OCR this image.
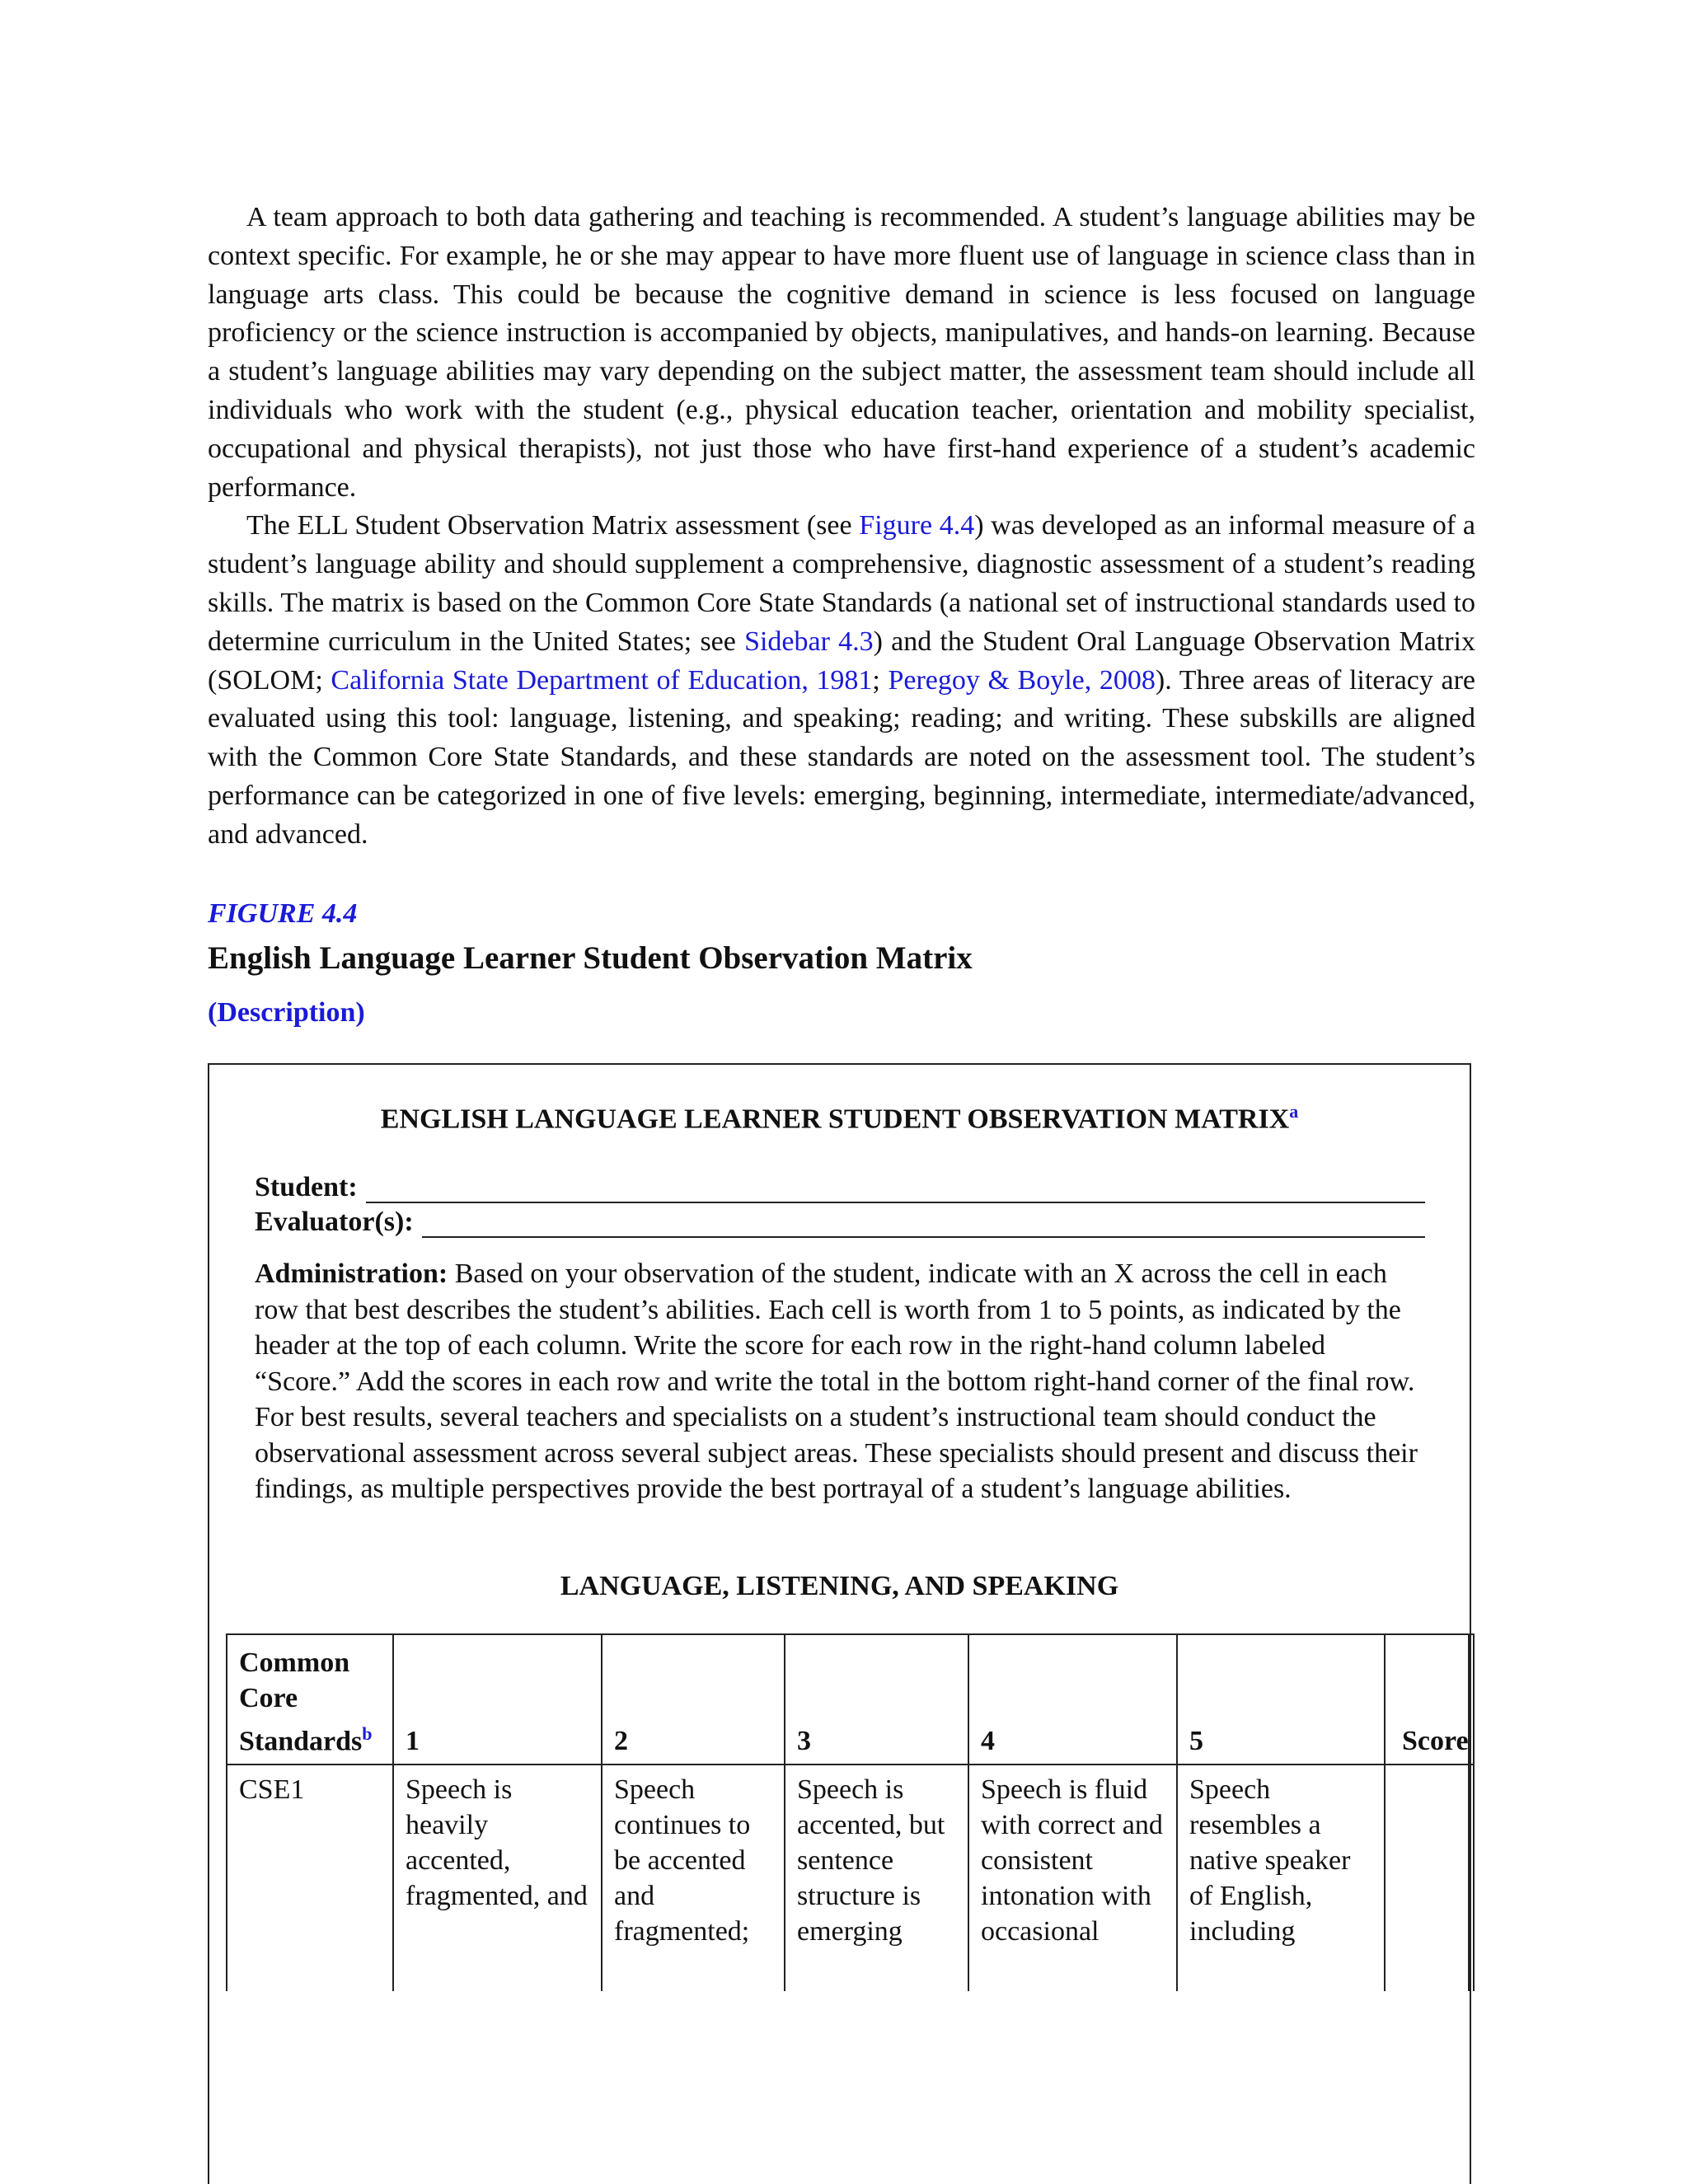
A team approach to both data gathering and teaching is recommended. A student’s language abilities may be context specific. For example, he or she may appear to have more fluent use of language in science class than in language arts class. This could be because the cognitive demand in science is less focused on language proficiency or the science instruction is accompanied by objects, manipulatives, and hands-on learning. Because a student’s language abilities may vary depending on the subject matter, the assessment team should include all individuals who work with the student (e.g., physical education teacher, orientation and mobility specialist, occupational and physical therapists), not just those who have first-hand experience of a student’s academic performance.

The ELL Student Observation Matrix assessment (see Figure 4.4) was developed as an informal measure of a student’s language ability and should supplement a comprehensive, diagnostic assessment of a student’s reading skills. The matrix is based on the Common Core State Standards (a national set of instructional standards used to determine curriculum in the United States; see Sidebar 4.3) and the Student Oral Language Observation Matrix (SOLOM; California State Department of Education, 1981; Peregoy & Boyle, 2008). Three areas of literacy are evaluated using this tool: language, listening, and speaking; reading; and writing. These subskills are aligned with the Common Core State Standards, and these standards are noted on the assessment tool. The student’s performance can be categorized in one of five levels: emerging, beginning, intermediate, intermediate/advanced, and advanced.

FIGURE 4.4
English Language Learner Student Observation Matrix
(Description)
ENGLISH LANGUAGE LEARNER STUDENT OBSERVATION MATRIX$^a$
Student:
Evaluator(s):

Administration: Based on your observation of the student, indicate with an X across the cell in each row that best describes the student’s abilities. Each cell is worth from 1 to 5 points, as indicated by the header at the top of each column. Write the score for each row in the right-hand column labeled “Score.” Add the scores in each row and write the total in the bottom right-hand corner of the final row. For best results, several teachers and specialists on a student’s instructional team should conduct the observational assessment across several subject areas. These specialists should present and discuss their findings, as multiple perspectives provide the best portrayal of a student’s language abilities.

LANGUAGE, LISTENING, AND SPEAKING
Common Core Standards$^b$	1	2	3	4	5	Score	
CSE1	Speech is heavily accented, fragmented, and	Speech continues to be accented and fragmented;	Speech is accented, but sentence structure is emerging	Speech is fluid with correct and consistent intonation with occasional	Speech resembles a native speaker of English, including		
